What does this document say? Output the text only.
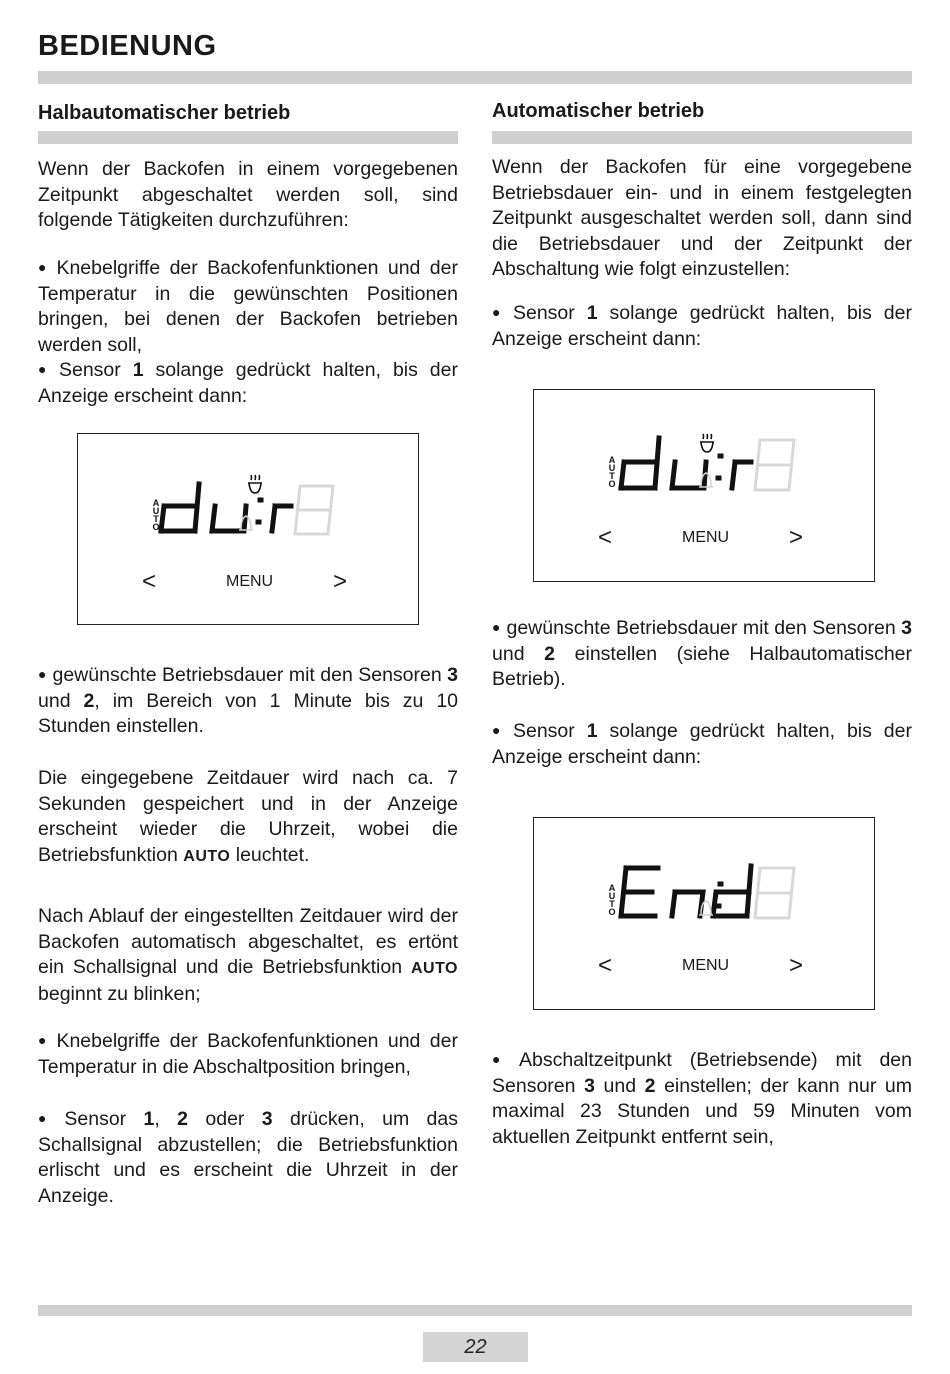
BEDIENUNG
Halbautomatischer betrieb
Wenn der Backofen in einem vorgegebenen Zeitpunkt abgeschaltet werden soll, sind folgende Tätigkeiten durchzuführen:
● Knebelgriffe der Backofenfunktionen und der Temperatur in die gewünschten Positionen bringen, bei denen der Backofen betrieben werden soll,
● Sensor 1 solange gedrückt halten, bis der Anzeige erscheint dann:
A
U
T
O
dur
<	MENU >
● gewünschte Betriebsdauer mit den Sensoren 3 und 2, im Bereich von 1 Minute bis zu 10 Stunden einstellen.
Die eingegebene Zeitdauer wird nach ca. 7 Sekunden gespeichert und in der Anzeige erscheint wieder die Uhrzeit, wobei die Betriebsfunktion AUTO leuchtet.
Nach Ablauf der eingestellten Zeitdauer wird der Backofen automatisch abgeschaltet, es ertönt ein Schallsignal und die Betriebsfunktion AUTO beginnt zu blinken;
● Knebelgriffe der Backofenfunktionen und der Temperatur in die Abschaltposition bringen,
● Sensor 1, 2 oder 3 drücken, um das Schallsignal abzustellen; die Betriebsfunktion erlischt und es erscheint die Uhrzeit in der Anzeige.
Automatischer betrieb
Wenn der Backofen für eine vorgegebene Betriebsdauer ein- und in einem festgelegten Zeitpunkt ausgeschaltet werden soll, dann sind die Betriebsdauer und der Zeitpunkt der Abschaltung wie folgt einzustellen:
● Sensor 1 solange gedrückt halten, bis der Anzeige erscheint dann:
A
U
T
O
dur
<	MENU >
● gewünschte Betriebsdauer mit den Sensoren 3 und 2 einstellen (siehe Halbautomatischer Betrieb).
● Sensor 1 solange gedrückt halten, bis der Anzeige erscheint dann:
A
U
T
O
End
<	MENU >
● Abschaltzeitpunkt (Betriebsende) mit den Sensoren 3 und 2 einstellen; der kann nur um maximal 23 Stunden und 59 Minuten vom aktuellen Zeitpunkt entfernt sein,
22
